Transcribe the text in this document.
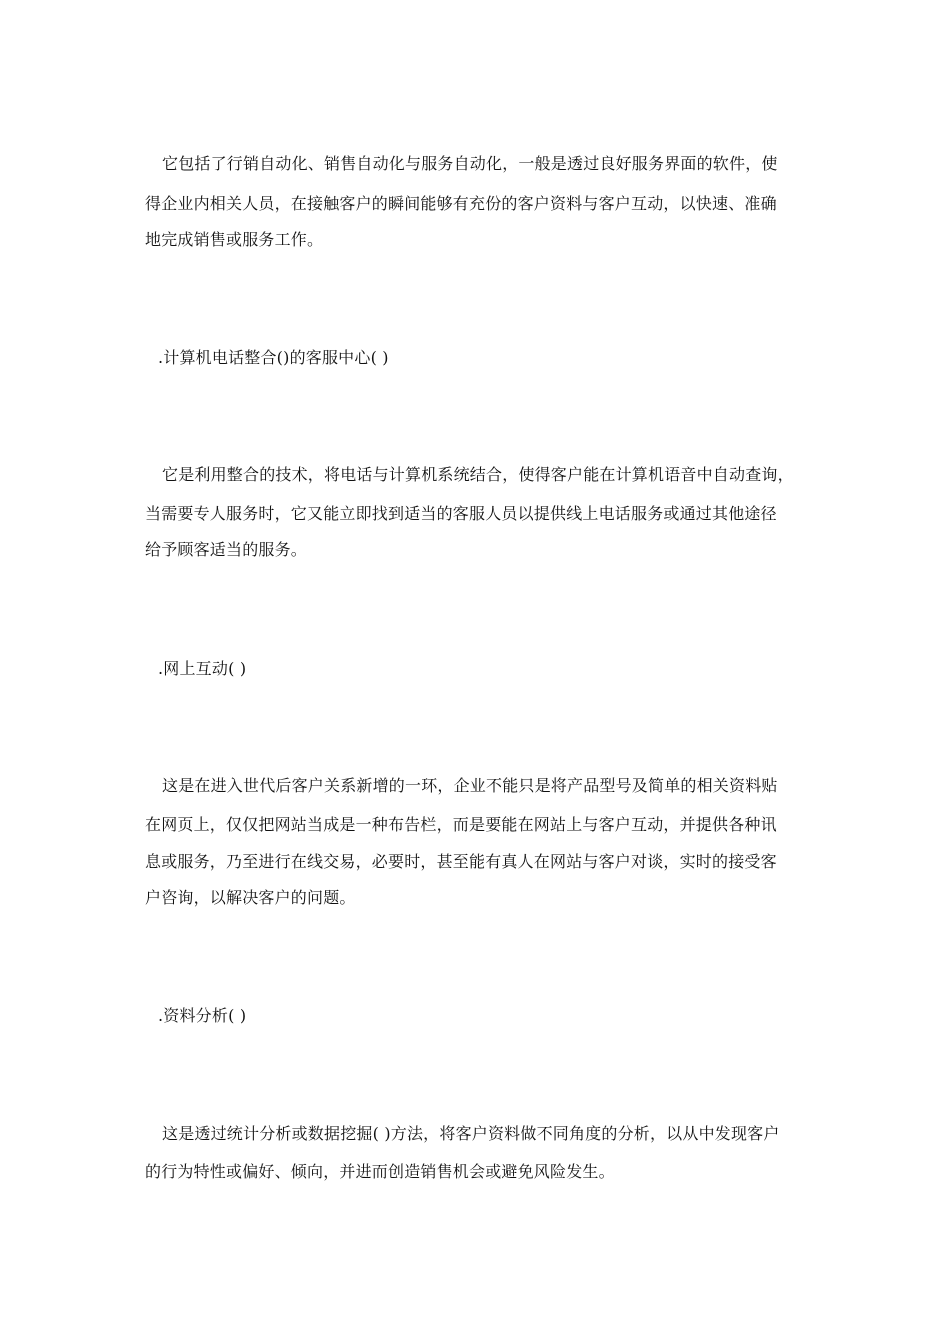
它包括了行销自动化、销售自动化与服务自动化，一般是透过良好服务界面的软件，使
得企业内相关人员，在接触客户的瞬间能够有充份的客户资料与客户互动，以快速、准确
地完成销售或服务工作。
.计算机电话整合()的客服中心( )
它是利用整合的技术，将电话与计算机系统结合，使得客户能在计算机语音中自动查询，
当需要专人服务时，它又能立即找到适当的客服人员以提供线上电话服务或通过其他途径
给予顾客适当的服务。
.网上互动( )
这是在进入世代后客户关系新增的一环，企业不能只是将产品型号及简单的相关资料贴
在网页上，仅仅把网站当成是一种布告栏，而是要能在网站上与客户互动，并提供各种讯
息或服务，乃至进行在线交易，必要时，甚至能有真人在网站与客户对谈，实时的接受客
户咨询，以解决客户的问题。
.资料分析( )
这是透过统计分析或数据挖掘( )方法，将客户资料做不同角度的分析，以从中发现客户
的行为特性或偏好、倾向，并进而创造销售机会或避免风险发生。
